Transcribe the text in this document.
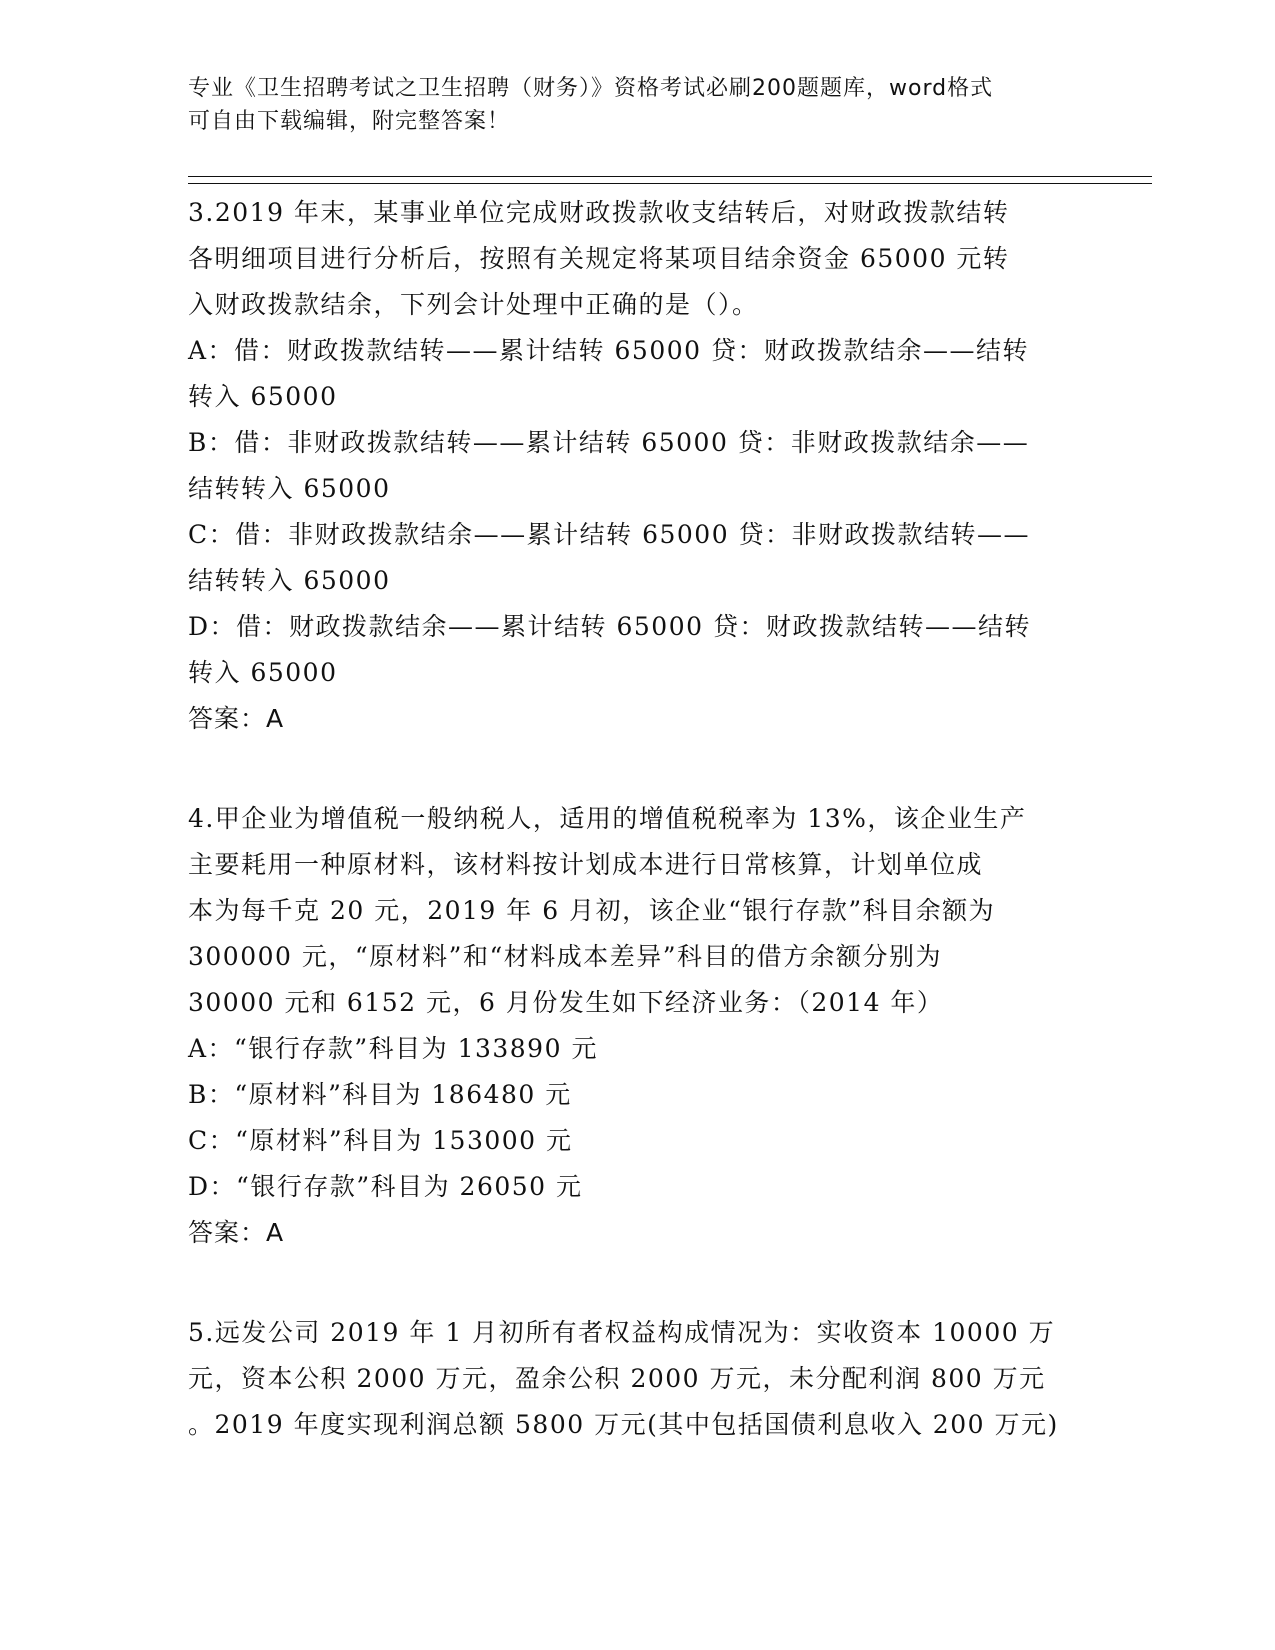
专业《卫生招聘考试之卫生招聘（财务）》资格考试必刷200题题库，word格式
可自由下载编辑，附完整答案！
3.2019 年末，某事业单位完成财政拨款收支结转后，对财政拨款结转
各明细项目进行分析后，按照有关规定将某项目结余资金 65000 元转
入财政拨款结余，下列会计处理中正确的是（）。
A：借：财政拨款结转——累计结转 65000 贷：财政拨款结余——结转
转入 65000
B：借：非财政拨款结转——累计结转 65000 贷：非财政拨款结余——
结转转入 65000
C：借：非财政拨款结余——累计结转 65000 贷：非财政拨款结转——
结转转入 65000
D：借：财政拨款结余——累计结转 65000 贷：财政拨款结转——结转
转入 65000
答案：A
4.甲企业为增值税一般纳税人，适用的增值税税率为 13%，该企业生产
主要耗用一种原材料，该材料按计划成本进行日常核算，计划单位成
本为每千克 20 元，2019 年 6 月初，该企业“银行存款”科目余额为
300000 元，“原材料”和“材料成本差异”科目的借方余额分别为
30000 元和 6152 元，6 月份发生如下经济业务：（2014 年）
A：“银行存款”科目为 133890 元
B：“原材料”科目为 186480 元
C：“原材料”科目为 153000 元
D：“银行存款”科目为 26050 元
答案：A
5.远发公司 2019 年 1 月初所有者权益构成情况为：实收资本 10000 万
元，资本公积 2000 万元，盈余公积 2000 万元，未分配利润 800 万元
。2019 年度实现利润总额 5800 万元(其中包括国债利息收入 200 万元)
